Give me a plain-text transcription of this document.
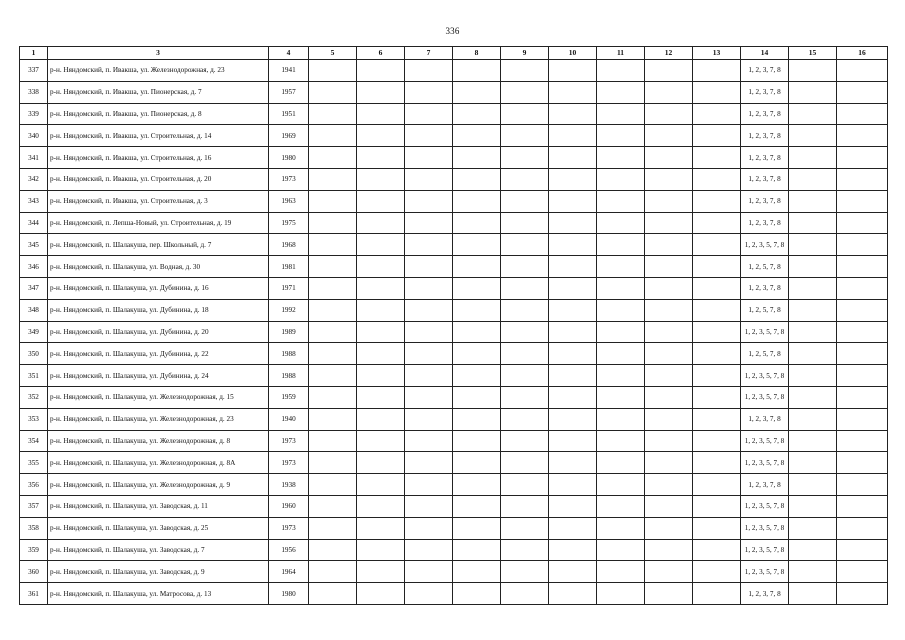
336
1	3	4	5	6	7	8	9	10	11	12	13	14	15	16
337	р-н. Няндомский, п. Ивакша, ул. Железнодорожная, д. 23	1941										1, 2, 3, 7, 8		
338	р-н. Няндомский, п. Ивакша, ул. Пионерская, д. 7	1957										1, 2, 3, 7, 8		
339	р-н. Няндомский, п. Ивакша, ул. Пионерская, д. 8	1951										1, 2, 3, 7, 8		
340	р-н. Няндомский, п. Ивакша, ул. Строительная, д. 14	1969										1, 2, 3, 7, 8		
341	р-н. Няндомский, п. Ивакша, ул. Строительная, д. 16	1980										1, 2, 3, 7, 8		
342	р-н. Няндомский, п. Ивакша, ул. Строительная, д. 20	1973										1, 2, 3, 7, 8		
343	р-н. Няндомский, п. Ивакша, ул. Строительная, д. 3	1963										1, 2, 3, 7, 8		
344	р-н. Няндомский, п. Лепша-Новый, ул. Строительная, д. 19	1975										1, 2, 3, 7, 8		
345	р-н. Няндомский, п. Шалакуша, пер. Школьный, д. 7	1968										1, 2, 3, 5, 7, 8		
346	р-н. Няндомский, п. Шалакуша, ул. Водная, д. 30	1981										1, 2, 5, 7, 8		
347	р-н. Няндомский, п. Шалакуша, ул. Дубинина, д. 16	1971										1, 2, 3, 7, 8		
348	р-н. Няндомский, п. Шалакуша, ул. Дубинина, д. 18	1992										1, 2, 5, 7, 8		
349	р-н. Няндомский, п. Шалакуша, ул. Дубинина, д. 20	1989										1, 2, 3, 5, 7, 8		
350	р-н. Няндомский, п. Шалакуша, ул. Дубинина, д. 22	1988										1, 2, 5, 7, 8		
351	р-н. Няндомский, п. Шалакуша, ул. Дубинина, д. 24	1988										1, 2, 3, 5, 7, 8		
352	р-н. Няндомский, п. Шалакуша, ул. Железнодорожная, д. 15	1959										1, 2, 3, 5, 7, 8		
353	р-н. Няндомский, п. Шалакуша, ул. Железнодорожная, д. 23	1940										1, 2, 3, 7, 8		
354	р-н. Няндомский, п. Шалакуша, ул. Железнодорожная, д. 8	1973										1, 2, 3, 5, 7, 8		
355	р-н. Няндомский, п. Шалакуша, ул. Железнодорожная, д. 8А	1973										1, 2, 3, 5, 7, 8		
356	р-н. Няндомский, п. Шалакуша, ул. Железнодорожная, д. 9	1938										1, 2, 3, 7, 8		
357	р-н. Няндомский, п. Шалакуша, ул. Заводская, д. 11	1960										1, 2, 3, 5, 7, 8		
358	р-н. Няндомский, п. Шалакуша, ул. Заводская, д. 25	1973										1, 2, 3, 5, 7, 8		
359	р-н. Няндомский, п. Шалакуша, ул. Заводская, д. 7	1956										1, 2, 3, 5, 7, 8		
360	р-н. Няндомский, п. Шалакуша, ул. Заводская, д. 9	1964										1, 2, 3, 5, 7, 8		
361	р-н. Няндомский, п. Шалакуша, ул. Матросова, д. 13	1980										1, 2, 3, 7, 8		
